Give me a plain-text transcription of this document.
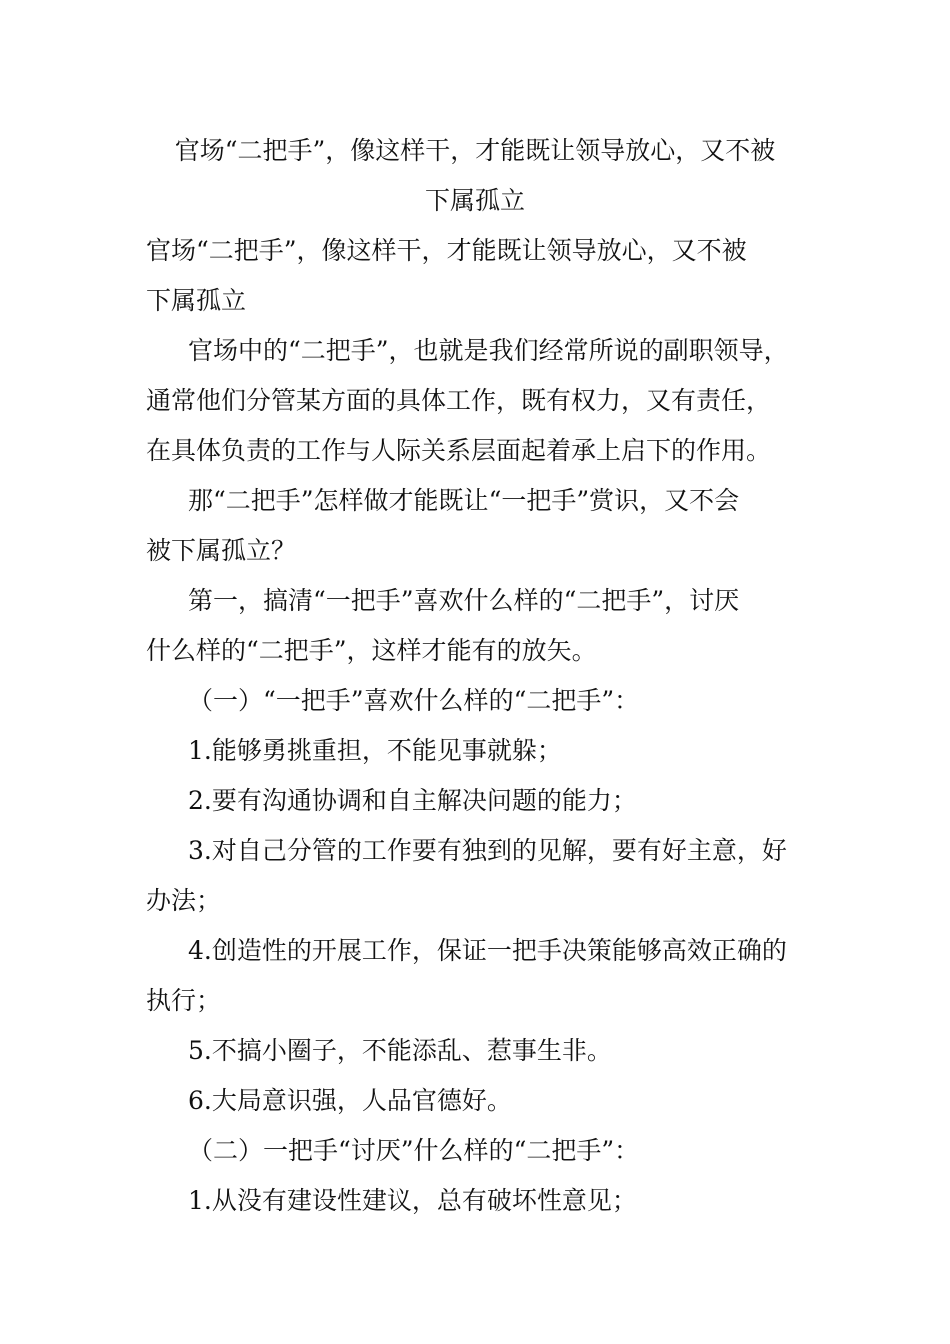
官场“二把手”，像这样干，才能既让领导放心，又不被

下属孤立

官场“二把手”，像这样干，才能既让领导放心，又不被

下属孤立

官场中的“二把手”，也就是我们经常所说的副职领导，

通常他们分管某方面的具体工作，既有权力，又有责任，

在具体负责的工作与人际关系层面起着承上启下的作用。

那“二把手”怎样做才能既让“一把手”赏识，又不会

被下属孤立？

第一，搞清“一把手”喜欢什么样的“二把手”，讨厌

什么样的“二把手”，这样才能有的放矢。

（一）“一把手”喜欢什么样的“二把手”：

1.能够勇挑重担，不能见事就躲；

2.要有沟通协调和自主解决问题的能力；

3.对自己分管的工作要有独到的见解，要有好主意，好

办法；

4.创造性的开展工作，保证一把手决策能够高效正确的

执行；

5.不搞小圈子，不能添乱、惹事生非。

6.大局意识强，人品官德好。

（二）一把手“讨厌”什么样的“二把手”：

1.从没有建设性建议，总有破坏性意见；
